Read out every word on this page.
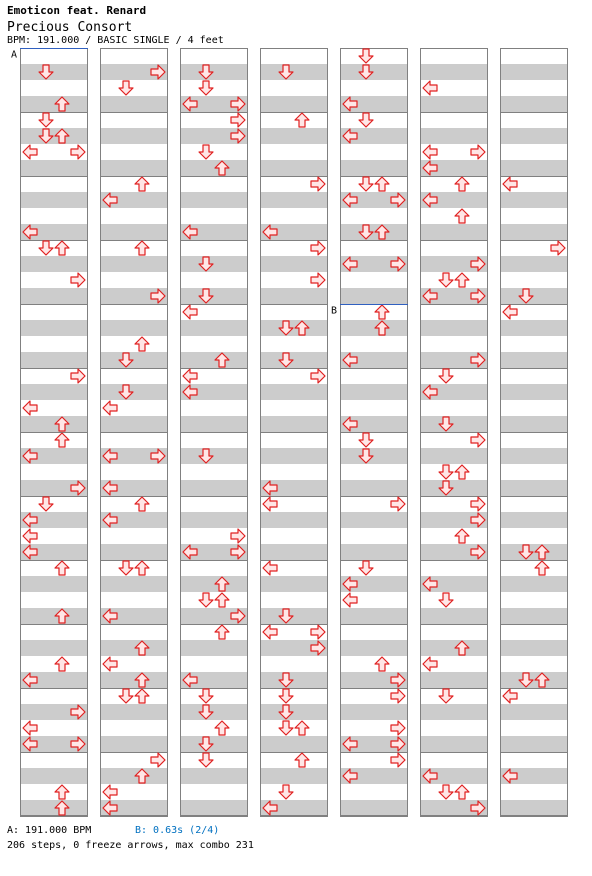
Emoticon feat. Renard
Precious Consort
BPM: 191.000 / BASIC SINGLE / 4 feet
A
B
A: 191.000 BPM	B: 0.63s (2/4)
206 steps, 0 freeze arrows, max combo 231
